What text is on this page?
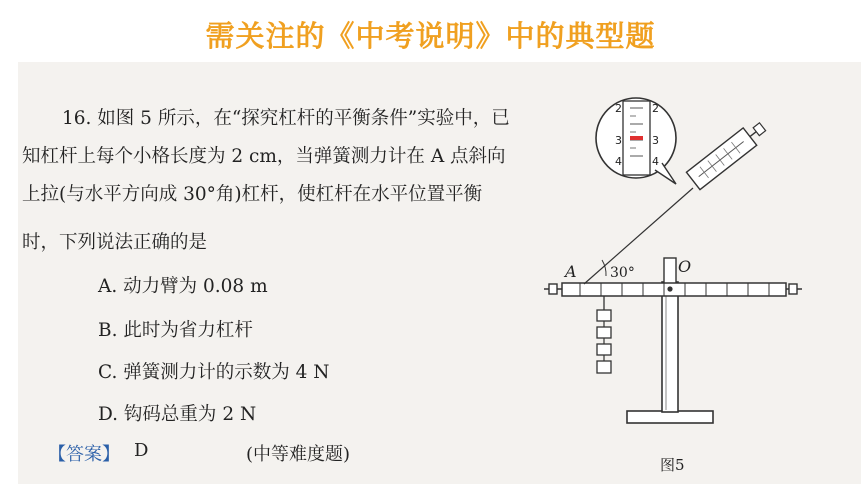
需关注的《中考说明》中的典型题
16. 如图 5 所示，在“探究杠杆的平衡条件”实验中，已
知杠杆上每个小格长度为 2 cm，当弹簧测力计在 A 点斜向
上拉(与水平方向成 30°角)杠杆，使杠杆在水平位置平衡
时，下列说法正确的是
A. 动力臂为 0.08 m
B. 此时为省力杠杆
C. 弹簧测力计的示数为 4 N
D. 钩码总重为 2 N
【答案】 D	(中等难度题)
30°
A	O
2
3
4
2
3
4
图5
